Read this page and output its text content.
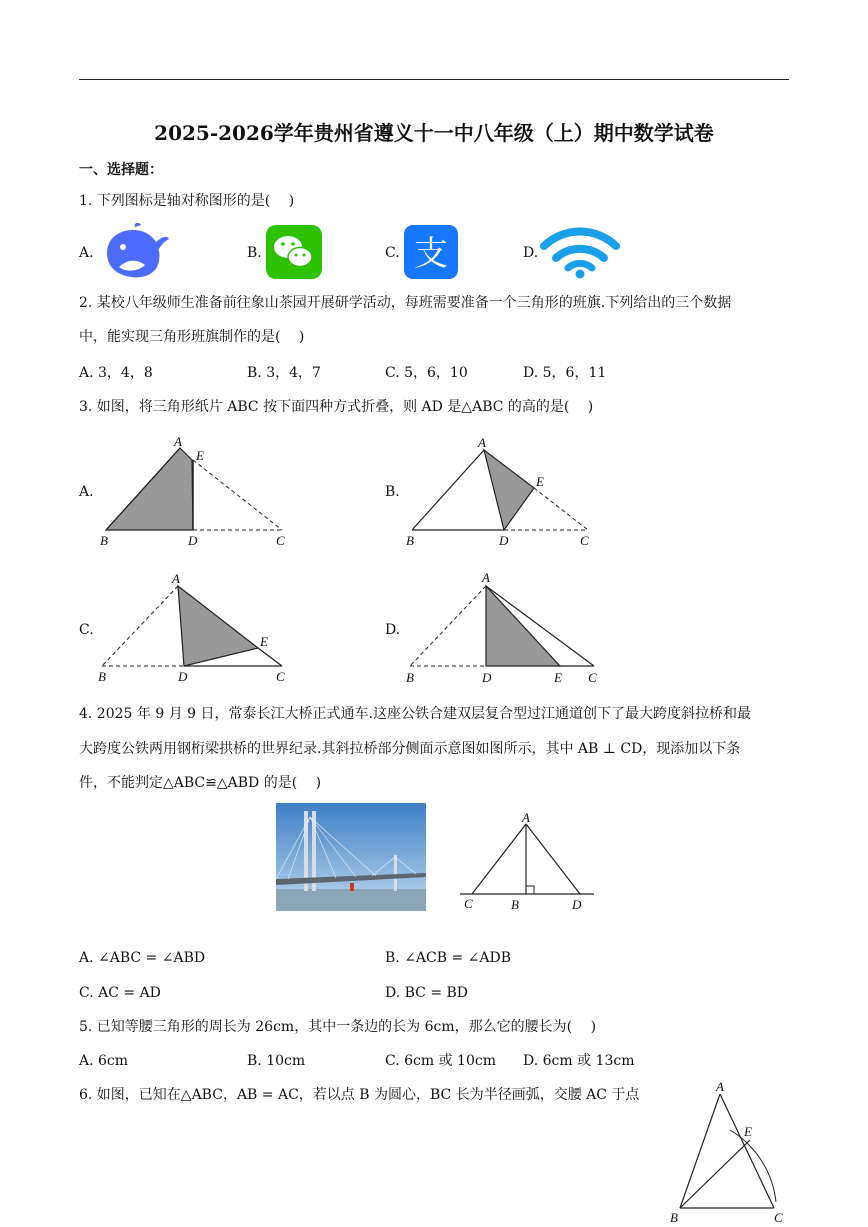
2025-2026学年贵州省遵义十一中八年级（上）期中数学试卷
一、选择题：
1. 下列图标是轴对称图形的是(　 )
A.	B.	C. 支	D.
2. 某校八年级师生准备前往象山茶园开展研学活动，每班需要准备一个三角形的班旗.下列给出的三个数据
中，能实现三角形班旗制作的是(　 )
A. 3，4，8	B. 3，4，7	C. 5，6，10	D. 5，6，11
3. 如图，将三角形纸片 ABC 按下面四种方式折叠，则 AD 是△ABC 的高的是(　 )
A.
A
E
B	D	C
B.
A
E
B	D	C
C.
A
E
B	D	C
D.
A
B	D	E C
4. 2025 年 9 月 9 日，常泰长江大桥正式通车.这座公铁合建双层复合型过江通道创下了最大跨度斜拉桥和最
大跨度公铁两用钢桁梁拱桥的世界纪录.其斜拉桥部分侧面示意图如图所示，其中 AB ⊥ CD，现添加以下条
件，不能判定△ABC≌△ABD 的是(　 )
A
C	B	D
A. ∠ABC = ∠ABD	B. ∠ACB = ∠ADB
C. AC = AD	D. BC = BD
5. 已知等腰三角形的周长为 26cm，其中一条边的长为 6cm，那么它的腰长为(　 )
A. 6cm	B. 10cm	C. 6cm 或 10cm D. 6cm 或 13cm
6. 如图，已知在△ABC，AB = AC，若以点 B 为圆心，BC 长为半径画弧，交腰 AC 于点
A
E
B	C
